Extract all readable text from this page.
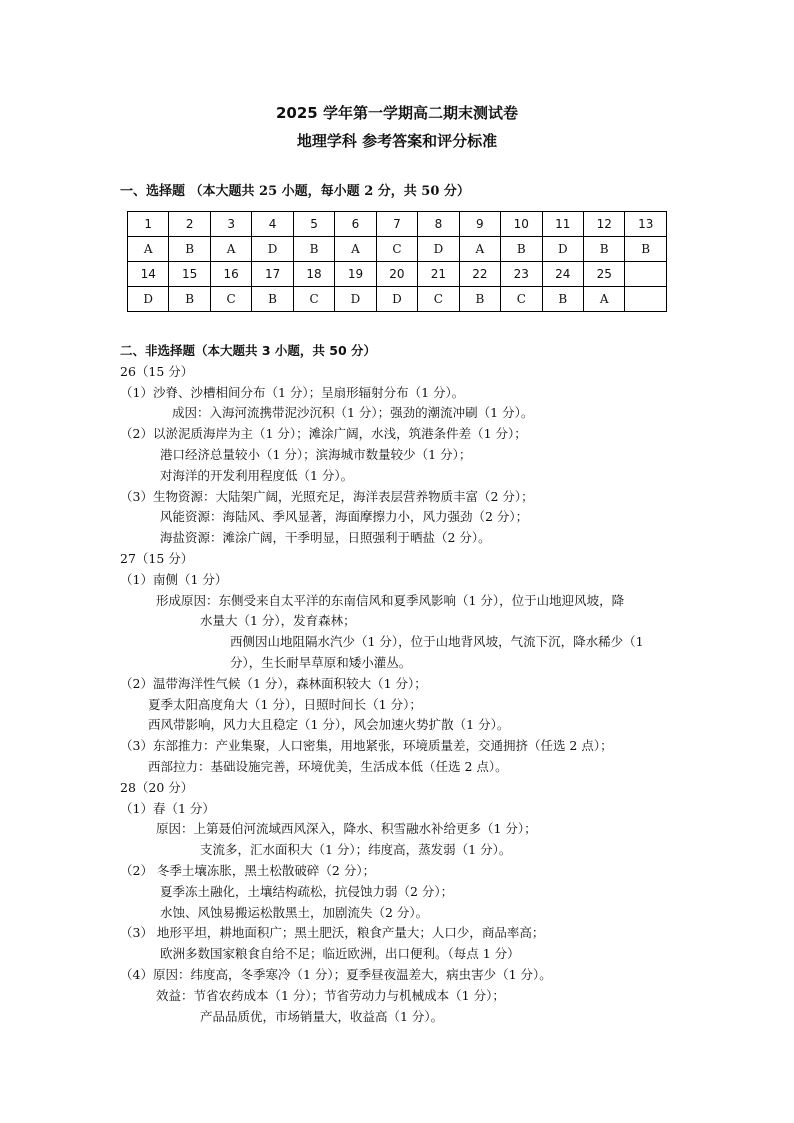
2025 学年第一学期高二期末测试卷
地理学科 参考答案和评分标准
一、选择题 （本大题共 25 小题，每小题 2 分，共 50 分）
1	2	3	4	5	6	7	8	9	10	11	12	13
A	B	A	D	B	A	C	D	A	B	D	B	B
14	15	16	17	18	19	20	21	22	23	24	25	
D	B	C	B	C	D	D	C	B	C	B	A	
二、非选择题（本大题共 3 小题，共 50 分）
26（15 分）
（1）沙脊、沙槽相间分布（1 分）；呈扇形辐射分布（1 分）。
成因：入海河流携带泥沙沉积（1 分）；强劲的潮流冲刷（1 分）。
（2）以淤泥质海岸为主（1 分）；滩涂广阔，水浅，筑港条件差（1 分）；
港口经济总量较小（1 分）；滨海城市数量较少（1 分）；
对海洋的开发利用程度低（1 分）。
（3）生物资源：大陆架广阔，光照充足，海洋表层营养物质丰富（2 分）；
风能资源：海陆风、季风显著，海面摩擦力小，风力强劲（2 分）；
海盐资源：滩涂广阔，干季明显，日照强利于晒盐（2 分）。
27（15 分）
（1）南侧（1 分）
形成原因：东侧受来自太平洋的东南信风和夏季风影响（1 分），位于山地迎风坡，降
水量大（1 分），发育森林；
西侧因山地阻隔水汽少（1 分），位于山地背风坡，气流下沉，降水稀少（1
分），生长耐旱草原和矮小灌丛。
（2）温带海洋性气候（1 分），森林面积较大（1 分）；
夏季太阳高度角大（1 分），日照时间长（1 分）；
西风带影响，风力大且稳定（1 分），风会加速火势扩散（1 分）。
（3）东部推力：产业集聚，人口密集，用地紧张，环境质量差，交通拥挤（任选 2 点）；
西部拉力：基础设施完善，环境优美，生活成本低（任选 2 点）。
28（20 分）
（1）春（1 分）
原因：上第聂伯河流域西风深入，降水、积雪融水补给更多（1 分）；
支流多，汇水面积大（1 分）；纬度高，蒸发弱（1 分）。
（2） 冬季土壤冻胀，黑土松散破碎（2 分）；
夏季冻土融化，土壤结构疏松，抗侵蚀力弱（2 分）；
水蚀、风蚀易搬运松散黑土，加剧流失（2 分）。
（3） 地形平坦，耕地面积广；黑土肥沃，粮食产量大；人口少，商品率高；
欧洲多数国家粮食自给不足；临近欧洲，出口便利。（每点 1 分）
（4）原因：纬度高，冬季寒冷（1 分）；夏季昼夜温差大，病虫害少（1 分）。
效益：节省农药成本（1 分）；节省劳动力与机械成本（1 分）；
产品品质优，市场销量大，收益高（1 分）。
